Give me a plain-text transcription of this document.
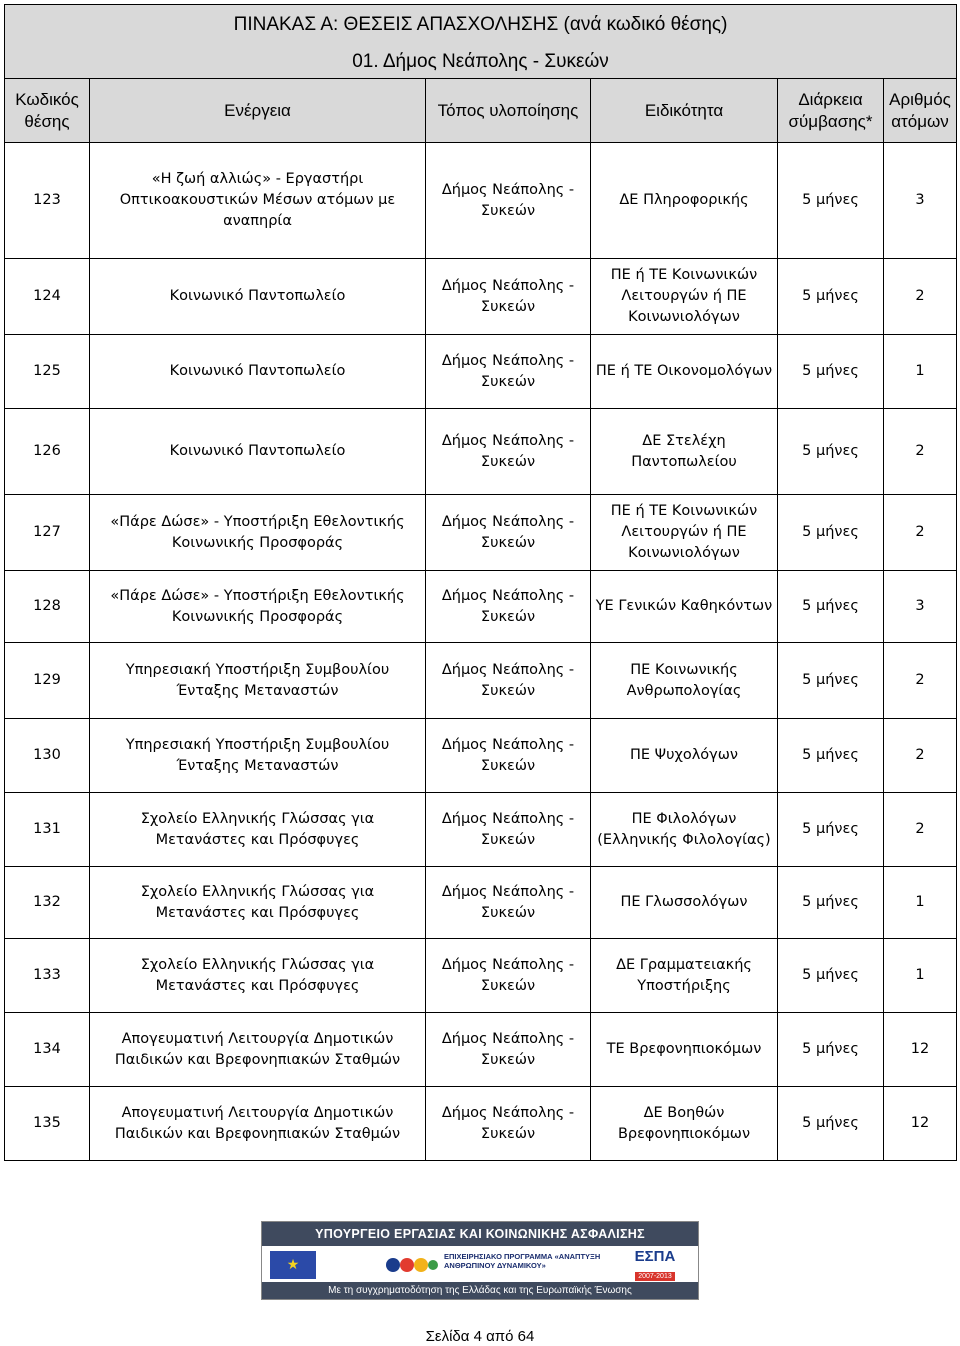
ΠΙΝΑΚΑΣ Α: ΘΕΣΕΙΣ ΑΠΑΣΧΟΛΗΣΗΣ (ανά κωδικό θέσης)					
01. Δήμος Νεάπολης - Συκεών					
Κωδικός θέσης	Ενέργεια	Τόπος υλοποίησης	Ειδικότητα	Διάρκεια σύμβασης*	Αριθμός ατόμων
123	«Η ζωή αλλιώς» - Εργαστήρι Οπτικοακουστικών Μέσων ατόμων με αναπηρία	Δήμος Νεάπολης - Συκεών	ΔΕ Πληροφορικής	5 μήνες	3
124	Κοινωνικό Παντοπωλείο	Δήμος Νεάπολης - Συκεών	ΠΕ ή ΤΕ Κοινωνικών Λειτουργών ή ΠΕ Κοινωνιολόγων	5 μήνες	2
125	Κοινωνικό Παντοπωλείο	Δήμος Νεάπολης - Συκεών	ΠΕ ή ΤΕ Οικονομολόγων	5 μήνες	1
126	Κοινωνικό Παντοπωλείο	Δήμος Νεάπολης - Συκεών	ΔΕ Στελέχη Παντοπωλείου	5 μήνες	2
127	«Πάρε Δώσε» - Υποστήριξη Εθελοντικής Κοινωνικής Προσφοράς	Δήμος Νεάπολης - Συκεών	ΠΕ ή ΤΕ Κοινωνικών Λειτουργών ή ΠΕ Κοινωνιολόγων	5 μήνες	2
128	«Πάρε Δώσε» - Υποστήριξη Εθελοντικής Κοινωνικής Προσφοράς	Δήμος Νεάπολης - Συκεών	ΥΕ Γενικών Καθηκόντων	5 μήνες	3
129	Υπηρεσιακή Υποστήριξη Συμβουλίου Ένταξης Μεταναστών	Δήμος Νεάπολης - Συκεών	ΠΕ Κοινωνικής Ανθρωπολογίας	5 μήνες	2
130	Υπηρεσιακή Υποστήριξη Συμβουλίου Ένταξης Μεταναστών	Δήμος Νεάπολης - Συκεών	ΠΕ Ψυχολόγων	5 μήνες	2
131	Σχολείο Ελληνικής Γλώσσας για Μετανάστες και Πρόσφυγες	Δήμος Νεάπολης - Συκεών	ΠΕ Φιλολόγων (Ελληνικής Φιλολογίας)	5 μήνες	2
132	Σχολείο Ελληνικής Γλώσσας για Μετανάστες και Πρόσφυγες	Δήμος Νεάπολης - Συκεών	ΠΕ Γλωσσολόγων	5 μήνες	1
133	Σχολείο Ελληνικής Γλώσσας για Μετανάστες και Πρόσφυγες	Δήμος Νεάπολης - Συκεών	ΔΕ Γραμματειακής Υποστήριξης	5 μήνες	1
134	Απογευματινή Λειτουργία Δημοτικών Παιδικών και Βρεφονηπιακών Σταθμών	Δήμος Νεάπολης - Συκεών	ΤΕ Βρεφονηπιοκόμων	5 μήνες	12
135	Απογευματινή Λειτουργία Δημοτικών Παιδικών και Βρεφονηπιακών Σταθμών	Δήμος Νεάπολης - Συκεών	ΔΕ Βοηθών Βρεφονηπιοκόμων	5 μήνες	12
ΥΠΟΥΡΓΕΙΟ ΕΡΓΑΣΙΑΣ ΚΑΙ ΚΟΙΝΩΝΙΚΗΣ ΑΣΦΑΛΙΣΗΣ
★
ΕΠΙΧΕΙΡΗΣΙΑΚΟ ΠΡΟΓΡΑΜΜΑ «ΑΝΑΠΤΥΞΗ ΑΝΘΡΩΠΙΝΟΥ ΔΥΝΑΜΙΚΟΥ»
ΕΣΠΑ
2007-2013
Με τη συγχρηματοδότηση της Ελλάδας και της Ευρωπαϊκής Ένωσης
Σελίδα 4 από 64
